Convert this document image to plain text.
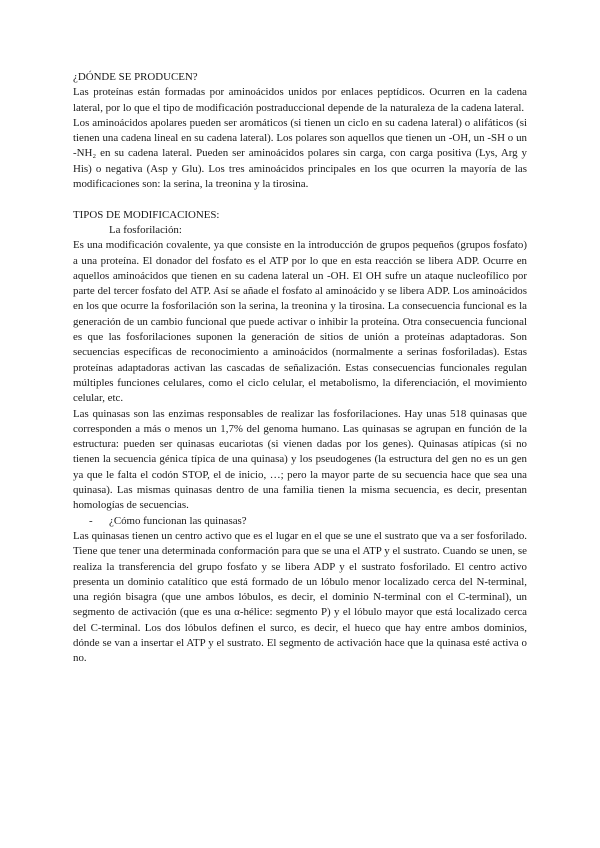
¿DÓNDE SE PRODUCEN?

Las proteínas están formadas por aminoácidos unidos por enlaces peptídicos. Ocurren en la cadena lateral, por lo que el tipo de modificación postraduccional depende de la naturaleza de la cadena lateral.

Los aminoácidos apolares pueden ser aromáticos (si tienen un ciclo en su cadena lateral) o alifáticos (si tienen una cadena lineal en su cadena lateral). Los polares son aquellos que tienen un -OH, un -SH o un -NH₂ en su cadena lateral. Pueden ser aminoácidos polares sin carga, con carga positiva (Lys, Arg y His) o negativa (Asp y Glu). Los tres aminoácidos principales en los que ocurren la mayoría de las modificaciones son: la serina, la treonina y la tirosina.

TIPOS DE MODIFICACIONES:

La fosforilación:

Es una modificación covalente, ya que consiste en la introducción de grupos pequeños (grupos fosfato) a una proteína. El donador del fosfato es el ATP por lo que en esta reacción se libera ADP. Ocurre en aquellos aminoácidos que tienen en su cadena lateral un -OH. El OH sufre un ataque nucleofílico por parte del tercer fosfato del ATP. Así se añade el fosfato al aminoácido y se libera ADP. Los aminoácidos en los que ocurre la fosforilación son la serina, la treonina y la tirosina. La consecuencia funcional es la generación de un cambio funcional que puede activar o inhibir la proteína. Otra consecuencia funcional es que las fosforilaciones suponen la generación de sitios de unión a proteínas adaptadoras. Son secuencias específicas de reconocimiento a aminoácidos (normalmente a serinas fosforiladas). Estas proteínas adaptadoras activan las cascadas de señalización. Estas consecuencias funcionales regulan múltiples funciones celulares, como el ciclo celular, el metabolismo, la diferenciación, el movimiento celular, etc.

Las quinasas son las enzimas responsables de realizar las fosforilaciones. Hay unas 518 quinasas que corresponden a más o menos un 1,7% del genoma humano. Las quinasas se agrupan en función de la estructura: pueden ser quinasas eucariotas (si vienen dadas por los genes). Quinasas atípicas (si no tienen la secuencia génica típica de una quinasa) y los pseudogenes (la estructura del gen no es un gen ya que le falta el codón STOP, el de inicio, …; pero la mayor parte de su secuencia hace que sea una quinasa). Las mismas quinasas dentro de una familia tienen la misma secuencia, es decir, presentan homologías de secuencias.

-	¿Cómo funcionan las quinasas?

Las quinasas tienen un centro activo que es el lugar en el que se une el sustrato que va a ser fosforilado. Tiene que tener una determinada conformación para que se una el ATP y el sustrato. Cuando se unen, se realiza la transferencia del grupo fosfato y se libera ADP y el sustrato fosforilado. El centro activo presenta un dominio catalítico que está formado de un lóbulo menor localizado cerca del N-terminal, una región bisagra (que une ambos lóbulos, es decir, el dominio N-terminal con el C-terminal), un segmento de activación (que es una α-hélice: segmento P) y el lóbulo mayor que está localizado cerca del C-terminal. Los dos lóbulos definen el surco, es decir, el hueco que hay entre ambos dominios, dónde se van a insertar el ATP y el sustrato. El segmento de activación hace que la quinasa esté activa o no.
